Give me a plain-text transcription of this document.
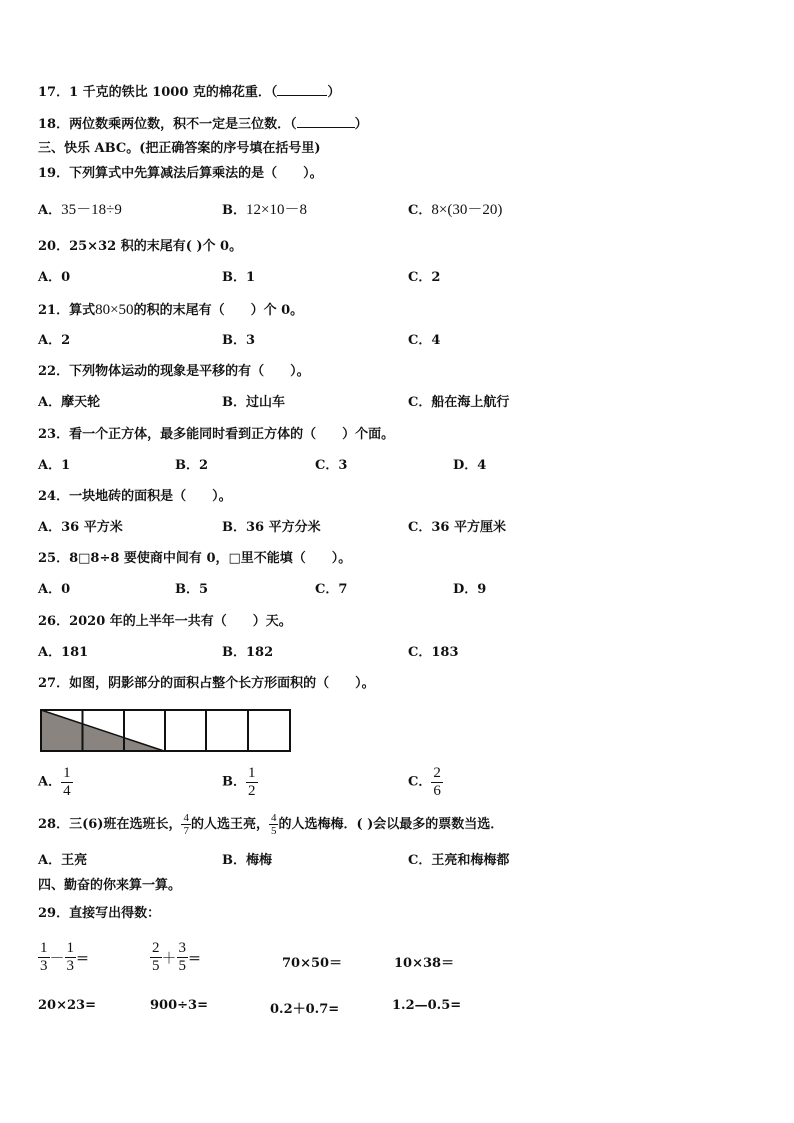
17．1 千克的铁比 1000 克的棉花重．（	）
18．两位数乘两位数，积不一定是三位数．（	）
三、快乐 ABC。(把正确答案的序号填在括号里)
19．下列算式中先算减法后算乘法的是（　　）。
A．35－18÷9	B．12×10－8	C．8×(30－20)
20．25×32 积的末尾有( )个 0。
A．0	B．1	C．2
21．算式80×50的积的末尾有（　　）个 0。
A．2	B．3	C．4
22．下列物体运动的现象是平移的有（　　）。
A．摩天轮	B．过山车	C．船在海上航行
23．看一个正方体，最多能同时看到正方体的（　　）个面。
A．1	B．2	C．3	D．4
24．一块地砖的面积是（　　）。
A．36 平方米	B．36 平方分米	C．36 平方厘米
25．8□8÷8 要使商中间有 0，□里不能填（　　）。
A．0	B．5	C．7	D．9
26．2020 年的上半年一共有（　　）天。
A．181	B．182	C．183
27．如图，阴影部分的面积占整个长方形面积的（　　）。
A． $\frac{1}{4}$	B． $\frac{1}{2}$	C． $\frac{2}{6}$
28．三(6)班在选班长， $\frac{4}{7}$ 的人选王亮， $\frac{4}{5}$ 的人选梅梅．( )会以最多的票数当选．
A．王亮	B．梅梅	C．王亮和梅梅都
四、勤奋的你来算一算。
29．直接写出得数：
$\frac{1}{3} - \frac{1}{3}$ ＝	$\frac{2}{5} + \frac{3}{5}$ ＝	70×50＝	10×38＝
20×23=	900÷3=	0.2＋0.7=	1.2—0.5=
